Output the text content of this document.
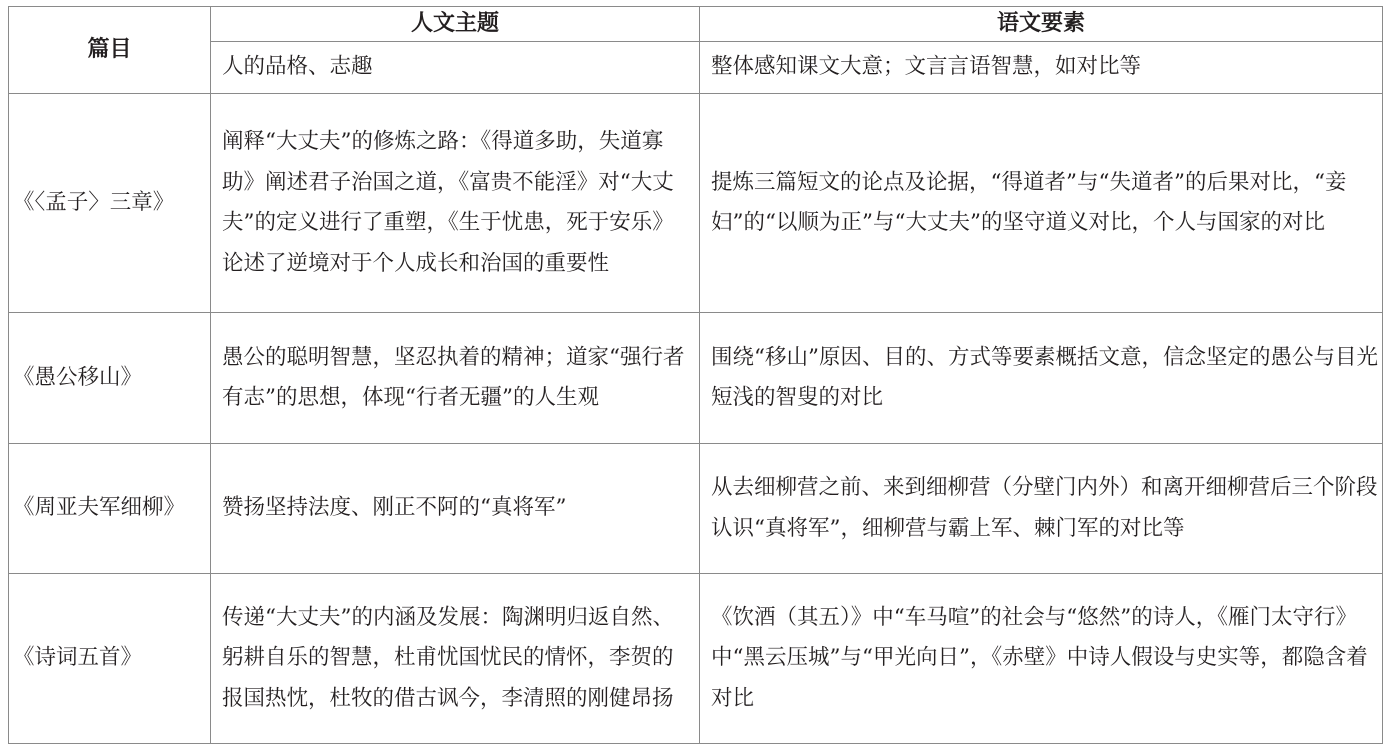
篇目	人文主题	语文要素
	人的品格、志趣	整体感知课文大意；文言言语智慧，如对比等
《〈孟子〉三章》	阐释“大丈夫”的修炼之路：《得道多助，失道寡助》阐述君子治国之道，《富贵不能淫》对“大丈夫”的定义进行了重塑，《生于忧患，死于安乐》论述了逆境对于个人成长和治国的重要性	提炼三篇短文的论点及论据，“得道者”与“失道者”的后果对比，“妾妇”的“以顺为正”与“大丈夫”的坚守道义对比，个人与国家的对比
《愚公移山》	愚公的聪明智慧，坚忍执着的精神；道家“强行者有志”的思想，体现“行者无疆”的人生观	围绕“移山”原因、目的、方式等要素概括文意，信念坚定的愚公与目光短浅的智叟的对比
《周亚夫军细柳》	赞扬坚持法度、刚正不阿的“真将军”	从去细柳营之前、来到细柳营（分壁门内外）和离开细柳营后三个阶段认识“真将军”，细柳营与霸上军、棘门军的对比等
《诗词五首》	传递“大丈夫”的内涵及发展：陶渊明归返自然、躬耕自乐的智慧，杜甫忧国忧民的情怀，李贺的报国热忱，杜牧的借古讽今，李清照的刚健昂扬	《饮酒（其五）》中“车马喧”的社会与“悠然”的诗人，《雁门太守行》中“黑云压城”与“甲光向日”，《赤壁》中诗人假设与史实等，都隐含着对比
